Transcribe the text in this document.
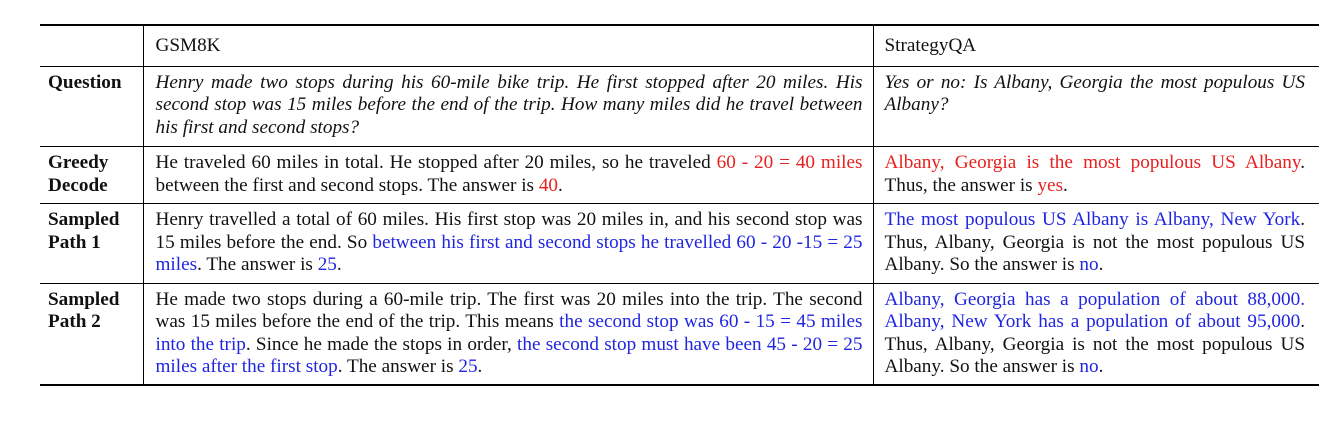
	GSM8K	StrategyQA
Question	Henry made two stops during his 60-mile bike trip. He first stopped after 20 miles. His second stop was 15 miles before the end of the trip. How many miles did he travel between his first and second stops?	Yes or no: Is Albany, Georgia the most populous US Albany?
Greedy
Decode	He traveled 60 miles in total. He stopped after 20 miles, so he traveled 60 - 20 = 40 miles between the first and second stops. The answer is 40.	Albany, Georgia is the most populous US Albany. Thus, the answer is yes.
Sampled
Path 1	Henry travelled a total of 60 miles. His first stop was 20 miles in, and his second stop was 15 miles before the end. So between his first and second stops he travelled 60 - 20 -15 = 25 miles. The answer is 25.	The most populous US Albany is Albany, New York. Thus, Albany, Georgia is not the most populous US Albany. So the answer is no.
Sampled
Path 2	He made two stops during a 60-mile trip. The first was 20 miles into the trip. The second was 15 miles before the end of the trip. This means the second stop was 60 - 15 = 45 miles into the trip. Since he made the stops in order, the second stop must have been 45 - 20 = 25 miles after the first stop. The answer is 25.	Albany, Georgia has a population of about 88,000. Albany, New York has a population of about 95,000. Thus, Albany, Georgia is not the most populous US Albany. So the answer is no.
